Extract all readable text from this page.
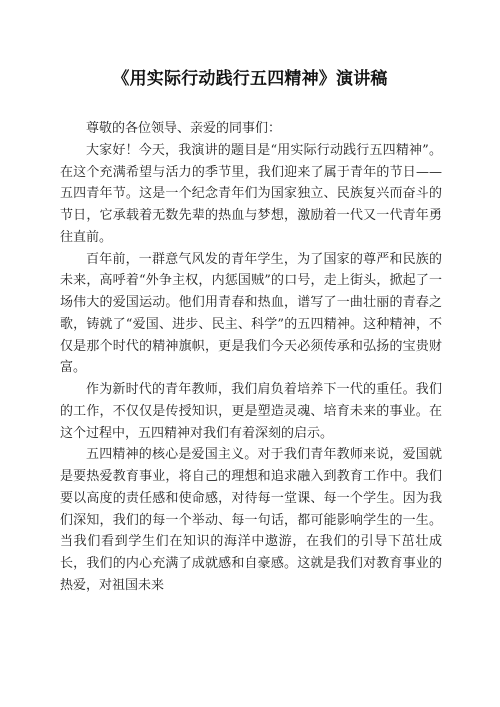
《用实际行动践行五四精神》演讲稿

尊敬的各位领导、亲爱的同事们：

大家好！今天，我演讲的题目是“用实际行动践行五四精神”。在这个充满希望与活力的季节里，我们迎来了属于青年的节日——五四青年节。这是一个纪念青年们为国家独立、民族复兴而奋斗的节日，它承载着无数先辈的热血与梦想，激励着一代又一代青年勇往直前。

百年前，一群意气风发的青年学生，为了国家的尊严和民族的未来，高呼着“外争主权，内惩国贼”的口号，走上街头，掀起了一场伟大的爱国运动。他们用青春和热血，谱写了一曲壮丽的青春之歌，铸就了“爱国、进步、民主、科学”的五四精神。这种精神，不仅是那个时代的精神旗帜，更是我们今天必须传承和弘扬的宝贵财富。

作为新时代的青年教师，我们肩负着培养下一代的重任。我们的工作，不仅仅是传授知识，更是塑造灵魂、培育未来的事业。在这个过程中，五四精神对我们有着深刻的启示。

五四精神的核心是爱国主义。对于我们青年教师来说，爱国就是要热爱教育事业，将自己的理想和追求融入到教育工作中。我们要以高度的责任感和使命感，对待每一堂课、每一个学生。因为我们深知，我们的每一个举动、每一句话，都可能影响学生的一生。当我们看到学生们在知识的海洋中遨游，在我们的引导下茁壮成长，我们的内心充满了成就感和自豪感。这就是我们对教育事业的热爱，对祖国未来
